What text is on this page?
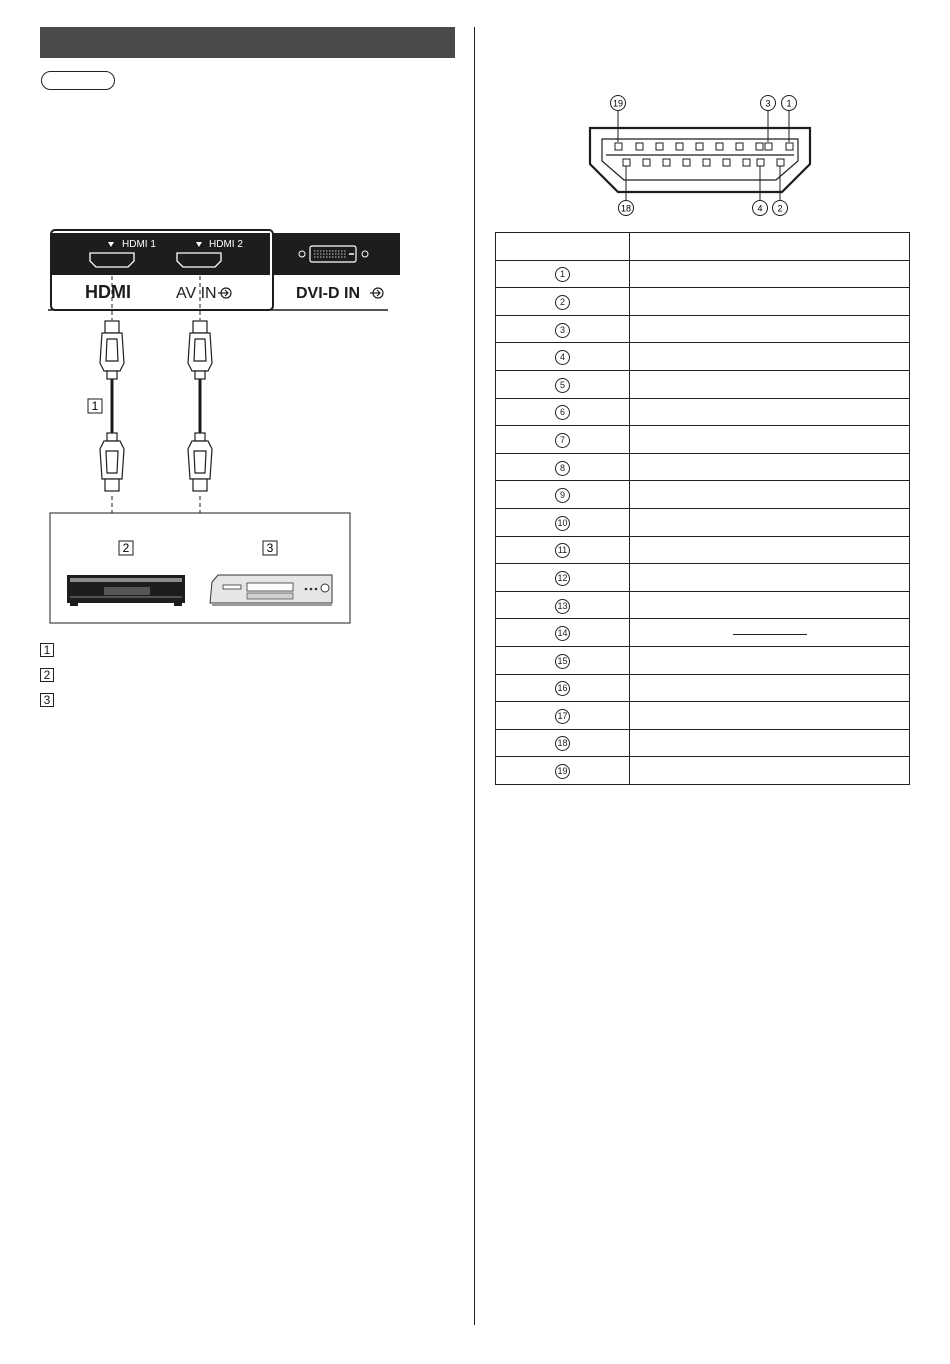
HDMI 1	HDMI 2
HDMI	AV IN	DVI-D IN
1
2	3
1
2
3
19	3 1
18	4 2

1	
2	
3	
4	
5	
6	
7	
8	
9	
10	
11	
12	
13	
14	
15	
16	
17	
18	
19	
